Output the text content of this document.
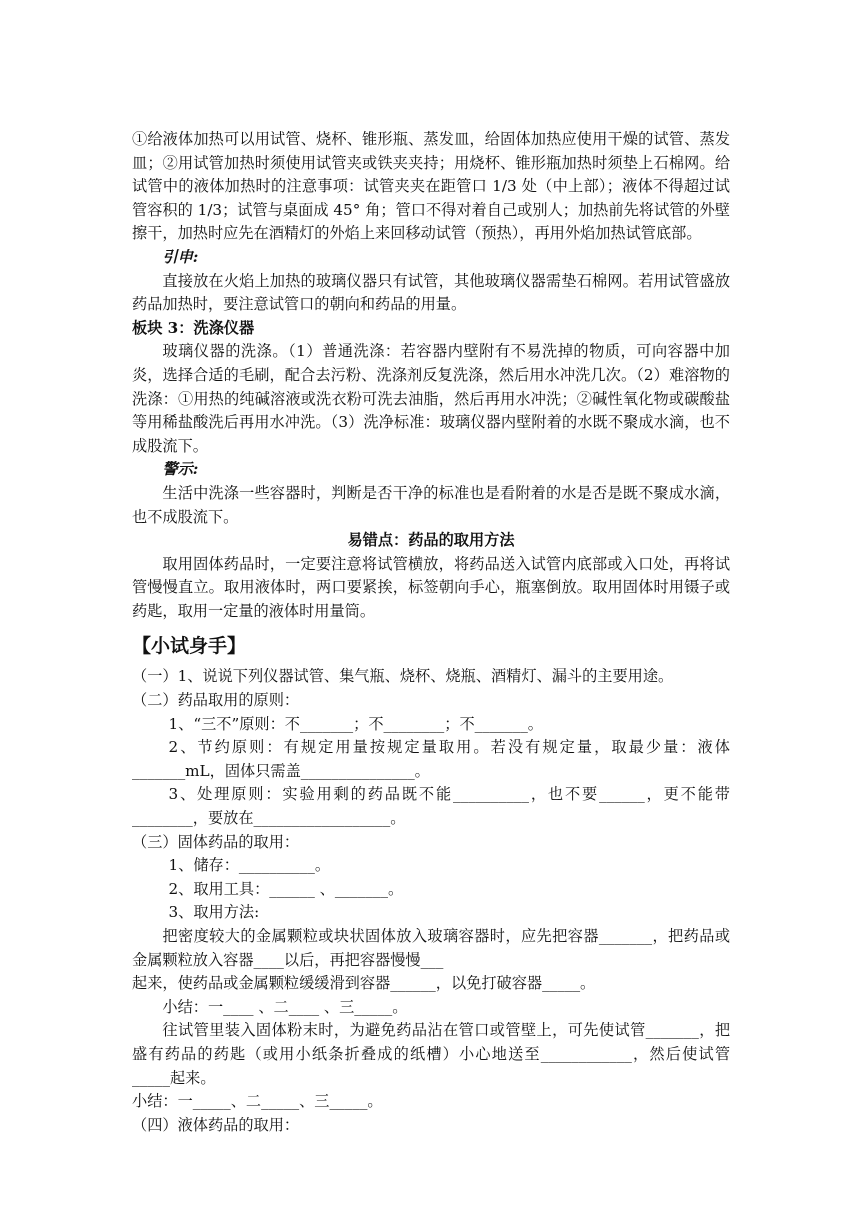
①给液体加热可以用试管、烧杯、锥形瓶、蒸发皿，给固体加热应使用干燥的试管、蒸发皿；②用试管加热时须使用试管夹或铁夹夹持；用烧杯、锥形瓶加热时须垫上石棉网。给试管中的液体加热时的注意事项：试管夹夹在距管口 1/3 处（中上部）；液体不得超过试管容积的 1/3；试管与桌面成 45° 角；管口不得对着自己或别人；加热前先将试管的外壁擦干，加热时应先在酒精灯的外焰上来回移动试管（预热），再用外焰加热试管底部。

引申:

直接放在火焰上加热的玻璃仪器只有试管，其他玻璃仪器需垫石棉网。若用试管盛放药品加热时，要注意试管口的朝向和药品的用量。

板块 3：洗涤仪器

玻璃仪器的洗涤。（1）普通洗涤：若容器内壁附有不易洗掉的物质，可向容器中加炎，选择合适的毛刷，配合去污粉、洗涤剂反复洗涤，然后用水冲洗几次。（2）难溶物的洗涤：①用热的纯碱溶液或洗衣粉可洗去油脂，然后再用水冲洗；②碱性氧化物或碳酸盐等用稀盐酸洗后再用水冲洗。（3）洗净标准：玻璃仪器内壁附着的水既不聚成水滴，也不成股流下。

警示:

生活中洗涤一些容器时，判断是否干净的标准也是看附着的水是否是既不聚成水滴，也不成股流下。

易错点：药品的取用方法

取用固体药品时，一定要注意将试管横放，将药品送入试管内底部或入口处，再将试管慢慢直立。取用液体时，两口要紧挨，标签朝向手心，瓶塞倒放。取用固体时用镊子或药匙，取用一定量的液体时用量筒。

【小试身手】

（一）1、说说下列仪器试管、集气瓶、烧杯、烧瓶、酒精灯、漏斗的主要用途。

（二）药品取用的原则：

1、“三不”原则：不_______；不________；不_______。

2、节约原则：有规定用量按规定量取用。若没有规定量，取最少量：液体_______mL，固体只需盖_______________。

3、处理原则：实验用剩的药品既不能__________，也不要______，更不能带________，要放在__________________。

（三）固体药品的取用：

1、储存：__________。

2、取用工具：______ 、_______。

3、取用方法:

把密度较大的金属颗粒或块状固体放入玻璃容器时，应先把容器_______，把药品或金属颗粒放入容器____以后，再把容器慢慢___

起来，使药品或金属颗粒缓缓滑到容器______，以免打破容器_____。

小结：一____ 、二____ 、三_____。

往试管里装入固体粉末时，为避免药品沾在管口或管壁上，可先使试管_______，把盛有药品的药匙（或用小纸条折叠成的纸槽）小心地送至____________，然后使试管_____起来。

小结：一_____、二_____、三_____。

（四）液体药品的取用：
